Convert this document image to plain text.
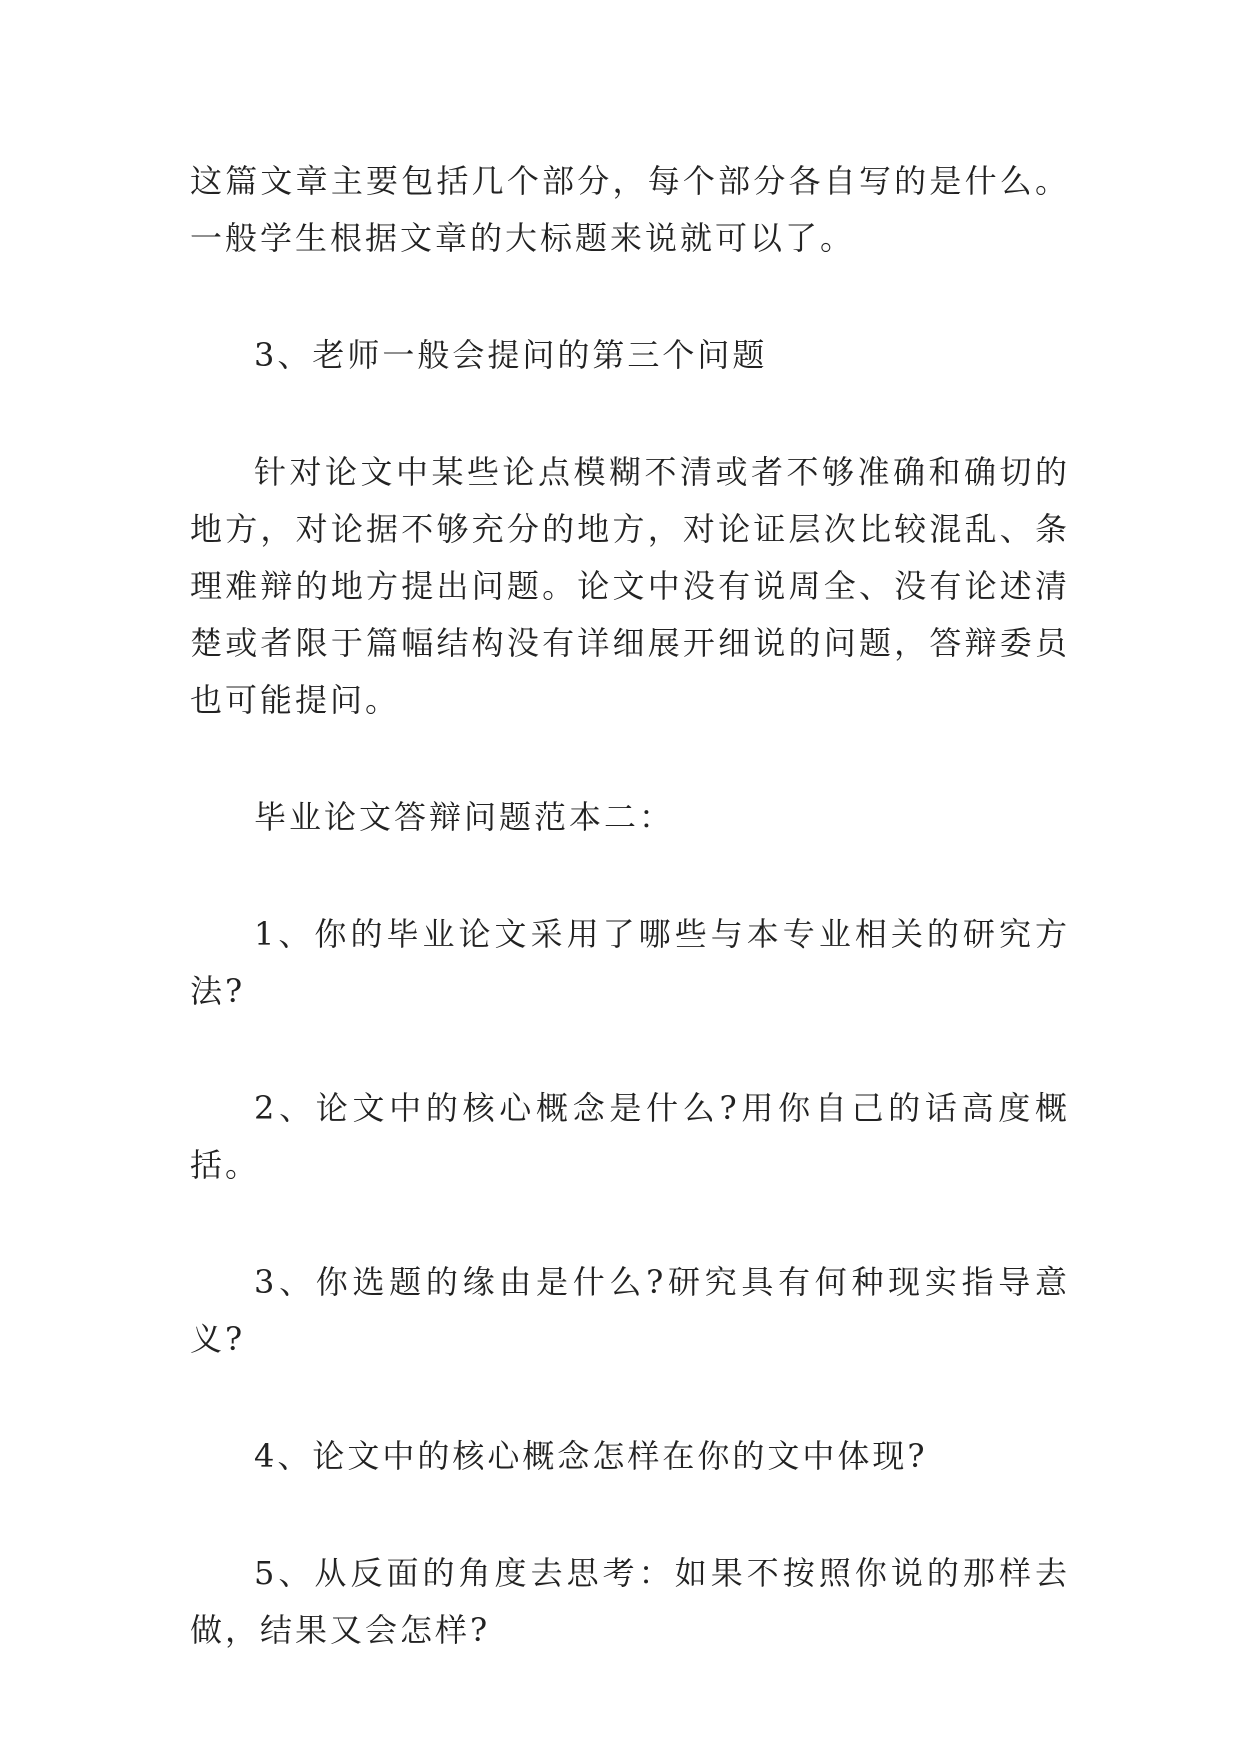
这篇文章主要包括几个部分，每个部分各自写的是什么。一般学生根据文章的大标题来说就可以了。

3、老师一般会提问的第三个问题

针对论文中某些论点模糊不清或者不够准确和确切的地方，对论据不够充分的地方，对论证层次比较混乱、条理难辩的地方提出问题。论文中没有说周全、没有论述清楚或者限于篇幅结构没有详细展开细说的问题，答辩委员也可能提问。

毕业论文答辩问题范本二：

1、你的毕业论文采用了哪些与本专业相关的研究方法?

2、论文中的核心概念是什么?用你自己的话高度概括。

3、你选题的缘由是什么?研究具有何种现实指导意义?

4、论文中的核心概念怎样在你的文中体现?

5、从反面的角度去思考：如果不按照你说的那样去做，结果又会怎样?
